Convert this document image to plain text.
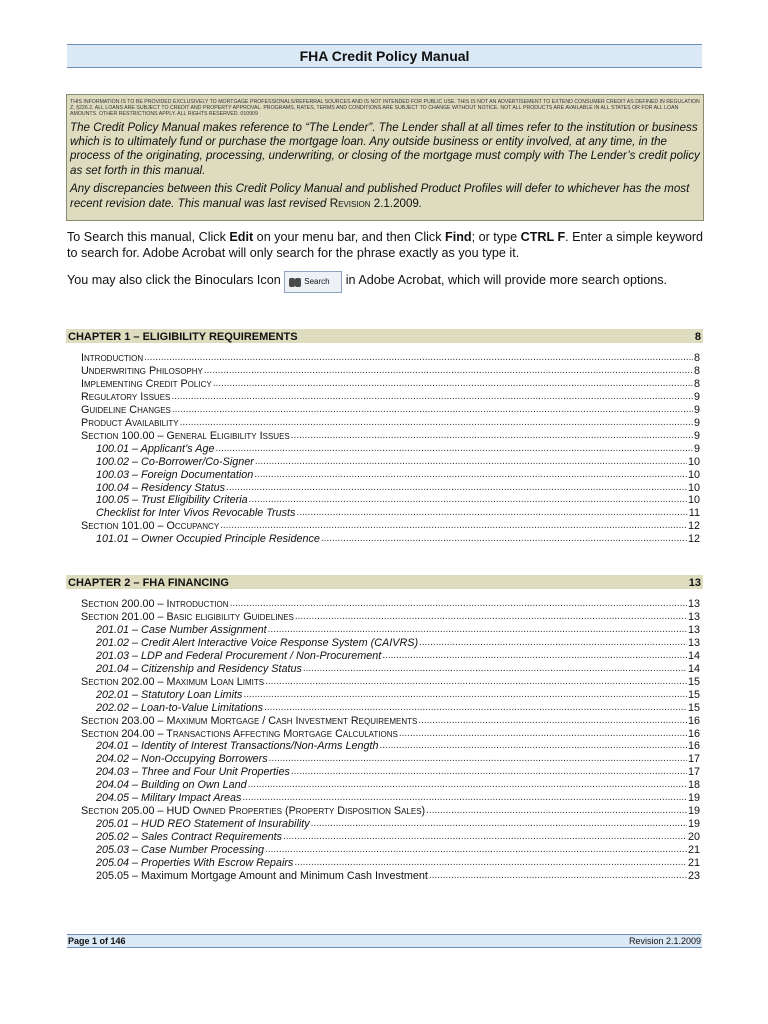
FHA Credit Policy Manual
THIS INFORMATION IS TO BE PROVIDED EXCLUSIVELY TO MORTGAGE PROFESSIONALS/REFERRAL SOURCES AND IS NOT INTENDED FOR PUBLIC USE. THIS IS NOT AN ADVERTISEMENT TO EXTEND CONSUMER CREDIT AS DEFINED IN REGULATION Z, §226.2. ALL LOANS ARE SUBJECT TO CREDIT AND PROPERTY APPROVAL. PROGRAMS, RATES, TERMS AND CONDITIONS ARE SUBJECT TO CHANGE WITHOUT NOTICE. NOT ALL PRODUCTS ARE AVAILABLE IN ALL STATES OR FOR ALL LOAN AMOUNTS. OTHER RESTRICTIONS APPLY. ALL RIGHTS RESERVED. 010909

The Credit Policy Manual makes reference to “The Lender”. The Lender shall at all times refer to the institution or business which is to ultimately fund or purchase the mortgage loan. Any outside business or entity involved, at any time, in the process of the originating, processing, underwriting, or closing of the mortgage must comply with The Lender’s credit policy as set forth in this manual.

Any discrepancies between this Credit Policy Manual and published Product Profiles will defer to whichever has the most recent revision date. This manual was last revised Revision 2.1.2009.

To Search this manual, Click Edit on your menu bar, and then Click Find; or type CTRL F. Enter a simple keyword to search for. Adobe Acrobat will only search for the phrase exactly as you type it.
You may also click the Binoculars Icon	Search in Adobe Acrobat, which will provide more search options.
CHAPTER 1 – ELIGIBILITY REQUIREMENTS	8
Introduction .....	8
Underwriting Philosophy .....	8
Implementing Credit Policy .....	8
Regulatory Issues .....	9
Guideline Changes .....	9
Product Availability .....	9
Section 100.00 – General Eligibility Issues .....	9
100.01 – Applicant’s Age .....	9
100.02 – Co-Borrower/Co-Signer .....	10
100.03 – Foreign Documentation .....	10
100.04 – Residency Status .....	10
100.05 – Trust Eligibility Criteria .....	10
Checklist for Inter Vivos Revocable Trusts .....	11
Section 101.00 – Occupancy .....	12
101.01 – Owner Occupied Principle Residence .....	12
CHAPTER 2 – FHA FINANCING	13
Section 200.00 – Introduction .....	13
Section 201.00 – Basic eligibility Guidelines .....	13
201.01 – Case Number Assignment .....	13
201.02 – Credit Alert Interactive Voice Response System (CAIVRS) .....	13
201.03 – LDP and Federal Procurement / Non-Procurement .....	14
201.04 – Citizenship and Residency Status .....	14
Section 202.00 – Maximum Loan Limits .....	15
202.01 – Statutory Loan Limits .....	15
202.02 – Loan-to-Value Limitations .....	15
Section 203.00 – Maximum Mortgage / Cash Investment Requirements .....	16
Section 204.00 – Transactions Affecting Mortgage Calculations .....	16
204.01 – Identity of Interest Transactions/Non-Arms Length .....	16
204.02 – Non-Occupying Borrowers .....	17
204.03 – Three and Four Unit Properties .....	17
204.04 – Building on Own Land .....	18
204.05 – Military Impact Areas .....	19
Section 205.00 – HUD Owned Properties (Property Disposition Sales) .....	19
205.01 – HUD REO Statement of Insurability .....	19
205.02 – Sales Contract Requirements .....	20
205.03 – Case Number Processing .....	21
205.04 – Properties With Escrow Repairs .....	21
205.05 – Maximum Mortgage Amount and Minimum Cash Investment .....	23
Page 1 of 146	Revision 2.1.2009
